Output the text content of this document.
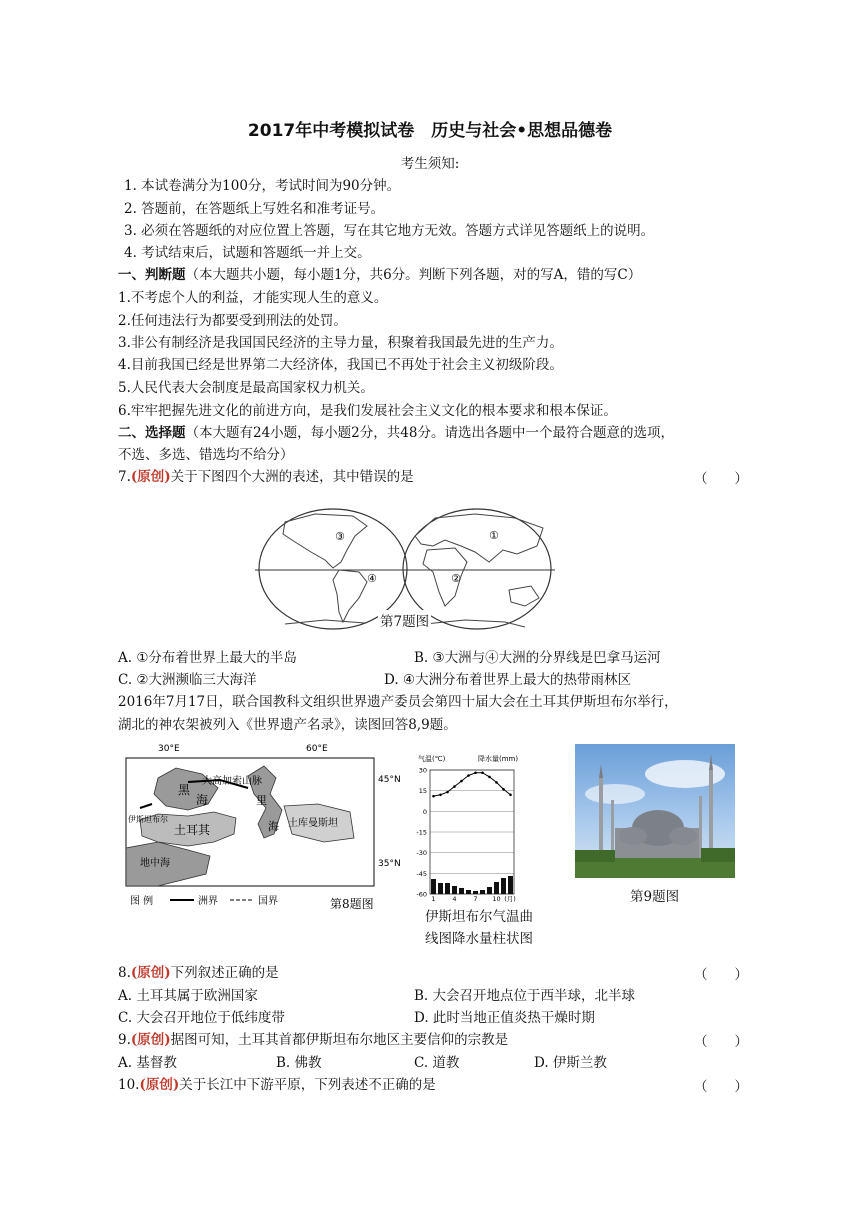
2017年中考模拟试卷　历史与社会•思想品德卷
考生须知:
1. 本试卷满分为100分，考试时间为90分钟。
2. 答题前，在答题纸上写姓名和准考证号。
3. 必须在答题纸的对应位置上答题，写在其它地方无效。答题方式详见答题纸上的说明。
4. 考试结束后，试题和答题纸一并上交。
一、判断题（本大题共小题，每小题1分，共6分。判断下列各题，对的写A，错的写C）
1.不考虑个人的利益，才能实现人生的意义。
2.任何违法行为都要受到刑法的处罚。
3.非公有制经济是我国国民经济的主导力量，积聚着我国最先进的生产力。
4.目前我国已经是世界第二大经济体，我国已不再处于社会主义初级阶段。
5.人民代表大会制度是最高国家权力机关。
6.牢牢把握先进文化的前进方向，是我们发展社会主义文化的根本要求和根本保证。
二、选择题（本大题有24小题，每小题2分，共48分。请选出各题中一个最符合题意的选项，
不选、多选、错选均不给分）
7.(原创)关于下图四个大洲的表述，其中错误的是	（　　）
③
④
①
②
第7题图
A. ①分布着世界上最大的半岛	B. ③大洲与④大洲的分界线是巴拿马运河
C. ②大洲濒临三大海洋	D. ④大洲分布着世界上最大的热带雨林区
2016年7月17日，联合国教科文组织世界遗产委员会第四十届大会在土耳其伊斯坦布尔举行，
湖北的神农架被列入《世界遗产名录》，读图回答8,9题。
30°E	60°E
45°N
35°N
黑
海
大高加索山脉
里
伊斯坦布尔
土耳其	海 土库曼斯坦
地中海
图 例	洲界	国界	第8题图
气温(℃)	降水量(mm)
30
15
0
-15
-30
-45
-60
1	4	7 10 (月)
伊斯坦布尔气温曲
线图降水量柱状图
第9题图
8.(原创)下列叙述正确的是	（　　）
A. 土耳其属于欧洲国家	B. 大会召开地点位于西半球，北半球
C. 大会召开地位于低纬度带	D. 此时当地正值炎热干燥时期
9.(原创)据图可知，土耳其首都伊斯坦布尔地区主要信仰的宗教是	（　　）
A. 基督教	B. 佛教	C. 道教	D. 伊斯兰教
10.(原创)关于长江中下游平原，下列表述不正确的是	（　　）
